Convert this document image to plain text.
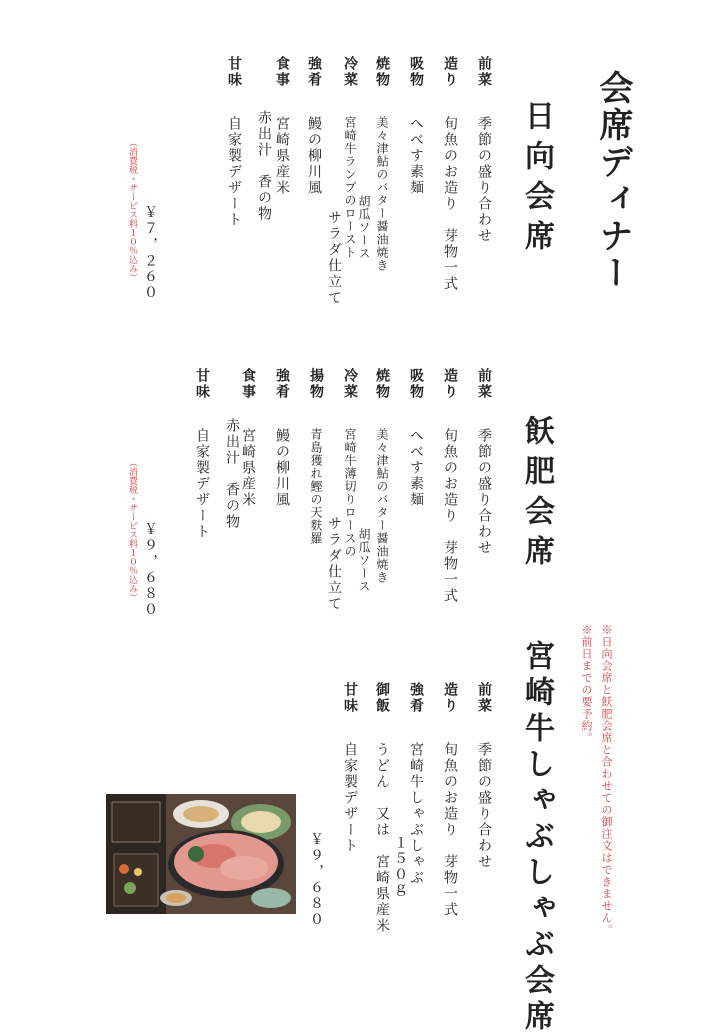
会席ディナー
日向会席
前菜季節の盛り合わせ
造り旬魚のお造り　芽物一式
吸物へべす素麺
焼物美々津鮎のバター醤油焼き
冷菜宮崎牛ランプのロースト 胡瓜ソース
サラダ仕立て
強肴鰻の柳川風
食事宮崎県産米
赤出汁　香の物
甘味自家製デザート
￥７，２６０
（消費税・サービス料１０％込み）
飫肥会席
前菜季節の盛り合わせ
造り旬魚のお造り　芽物一式
吸物へべす素麺
焼物美々津鮎のバター醤油焼き
冷菜宮崎牛薄切りロースの
胡瓜ソース
サラダ仕立て
揚物青島獲れ鰹の天麩羅
強肴鰻の柳川風
食事宮崎県産米
赤出汁　香の物
甘味自家製デザート
￥９，６８０
（消費税・サービス料１０％込み）
宮崎牛しゃぶしゃぶ会席
前菜季節の盛り合わせ
造り旬魚のお造り　芽物一式
強肴宮崎牛しゃぶしゃぶ
１５０ｇ
御飯うどん　又は　宮崎県産米
甘味自家製デザート
￥９，６８０	※日向会席と飫肥会席と合わせての御注文はできません。
※前日までの要予約。
